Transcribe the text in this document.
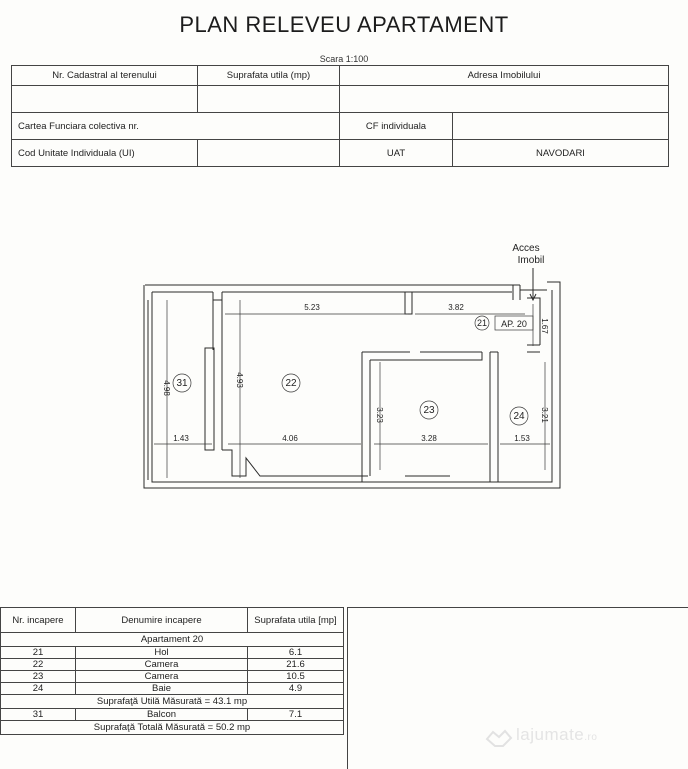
PLAN RELEVEU APARTAMENT
Scara 1:100
Nr. Cadastral al terenului	Suprafata utila (mp)	Adresa Imobilului	

Cartea Funciara colectiva nr.		CF individuala	
Cod Unitate Individuala (UI)		UAT	NAVODARI
Acces
Imobil
5.23	3.82
1.67
4.98
4.93
3.23	3.21
1.43	4.06	3.28	1.53
21 AP. 20
22
23
24
31
Nr. incapere	Denumire incapere	Suprafata utila [mp]
Apartament 20		
21	Hol	6.1
22	Camera	21.6
23	Camera	10.5
24	Baie	4.9
Suprafaţă Utilă Măsurată = 43.1 mp		
31	Balcon	7.1
Suprafaţă Totală Măsurată = 50.2 mp			lajumate.ro
